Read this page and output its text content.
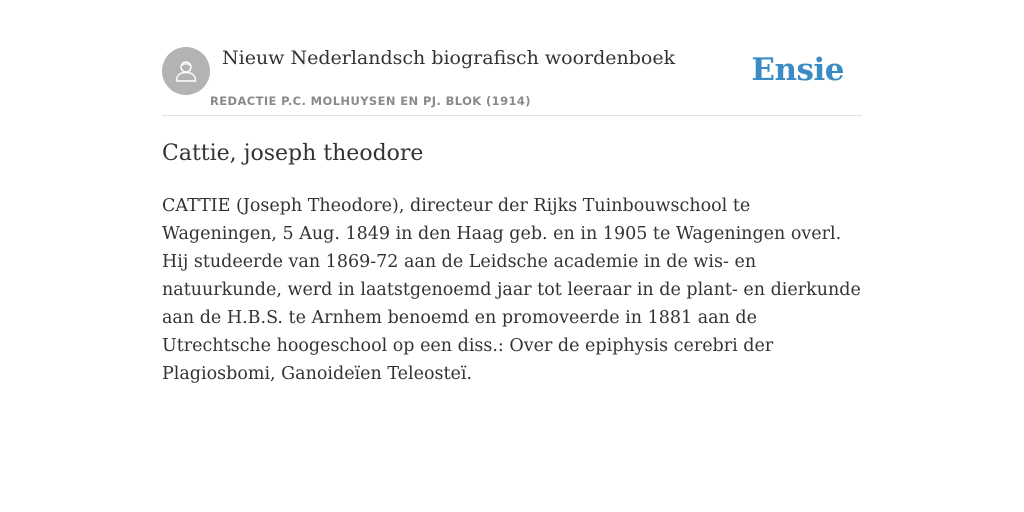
Nieuw Nederlandsch biografisch woordenboek
REDACTIE P.C. MOLHUYSEN EN PJ. BLOK (1914)
Ensie
Cattie, joseph theodore

CATTIE (Joseph Theodore), directeur der Rijks Tuinbouwschool te Wageningen, 5 Aug. 1849 in den Haag geb. en in 1905 te Wageningen overl. Hij studeerde van 1869-72 aan de Leidsche academie in de wis- en natuurkunde, werd in laatstgenoemd jaar tot leeraar in de plant- en dierkunde aan de H.B.S. te Arnhem benoemd en promoveerde in 1881 aan de Utrechtsche hoogeschool op een diss.: Over de epiphysis cerebri der Plagiosbomi, Ganoideïen Teleosteï.
